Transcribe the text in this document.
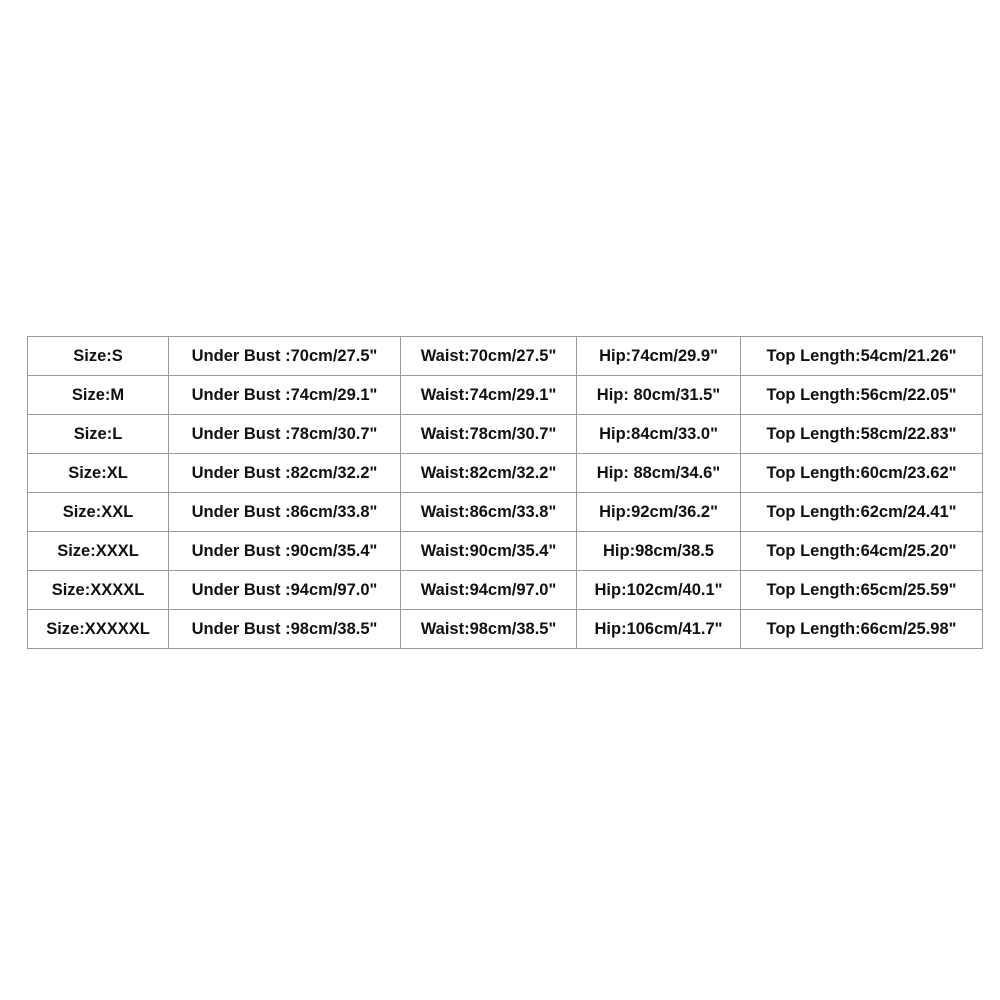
Size:S	Under Bust :70cm/27.5"	Waist:70cm/27.5"	Hip:74cm/29.9"	Top Length:54cm/21.26"
Size:M	Under Bust :74cm/29.1"	Waist:74cm/29.1"	Hip: 80cm/31.5"	Top Length:56cm/22.05"
Size:L	Under Bust :78cm/30.7"	Waist:78cm/30.7"	Hip:84cm/33.0"	Top Length:58cm/22.83"
Size:XL	Under Bust :82cm/32.2"	Waist:82cm/32.2"	Hip: 88cm/34.6"	Top Length:60cm/23.62"
Size:XXL	Under Bust :86cm/33.8"	Waist:86cm/33.8"	Hip:92cm/36.2"	Top Length:62cm/24.41"
Size:XXXL	Under Bust :90cm/35.4"	Waist:90cm/35.4"	Hip:98cm/38.5	Top Length:64cm/25.20"
Size:XXXXL	Under Bust :94cm/97.0"	Waist:94cm/97.0"	Hip:102cm/40.1"	Top Length:65cm/25.59"
Size:XXXXXL	Under Bust :98cm/38.5"	Waist:98cm/38.5"	Hip:106cm/41.7"	Top Length:66cm/25.98"
